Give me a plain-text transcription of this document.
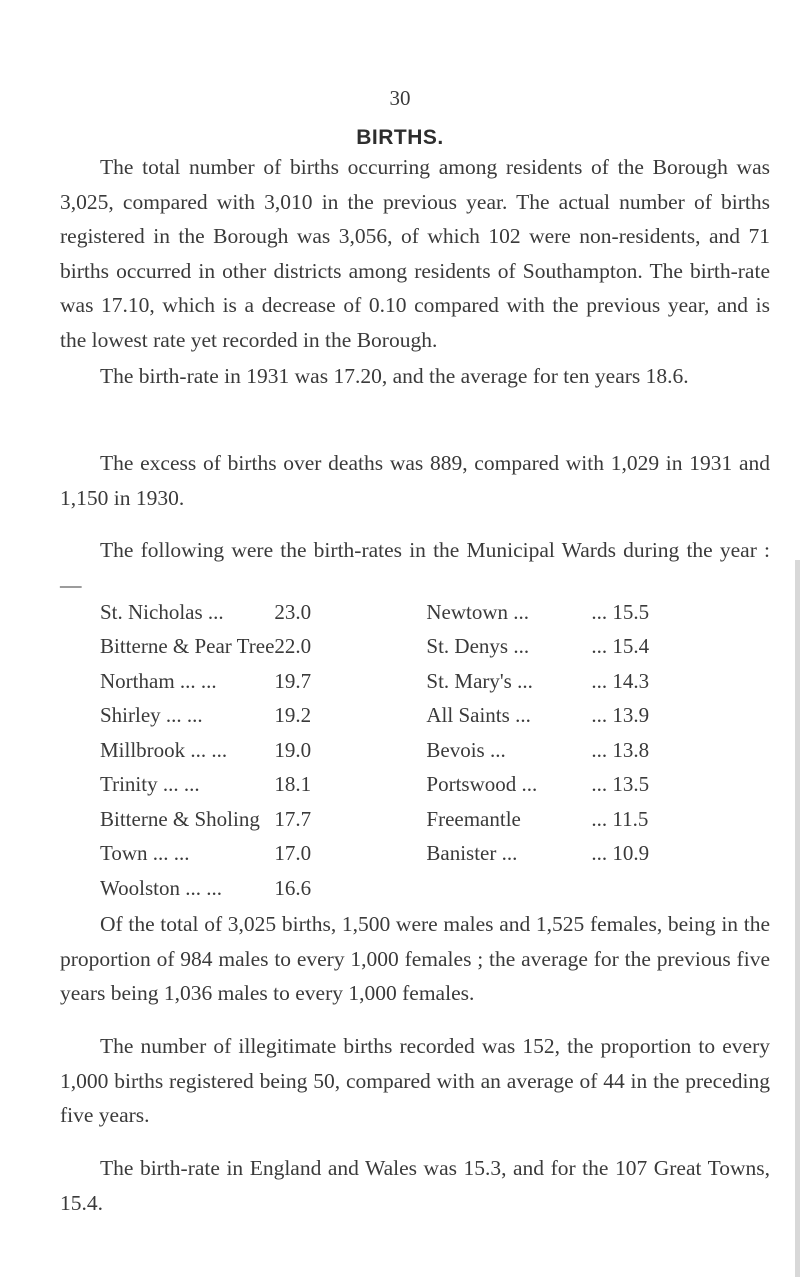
30
BIRTHS.

The total number of births occurring among residents of the Borough was 3,025, compared with 3,010 in the previous year. The actual number of births registered in the Borough was 3,056, of which 102 were non-residents, and 71 births occurred in other districts among residents of Southampton. The birth-rate was 17.10, which is a decrease of 0.10 compared with the previous year, and is the lowest rate yet recorded in the Borough.

The birth-rate in 1931 was 17.20, and the average for ten years 18.6.

The excess of births over deaths was 889, compared with 1,029 in 1931 and 1,150 in 1930.

The following were the birth-rates in the Municipal Wards during the year :—

St. Nicholas ...	23.0	Newtown ...	... 15.5
Bitterne & Pear Tree	22.0	St. Denys ...	... 15.4
Northam ... ...	19.7	St. Mary's ...	... 14.3
Shirley ... ...	19.2	All Saints ...	... 13.9
Millbrook ... ...	19.0	Bevois ...	... 13.8
Trinity ... ...	18.1	Portswood ...	... 13.5
Bitterne & Sholing	17.7	Freemantle	... 11.5
Town ... ...	17.0	Banister ...	... 10.9
Woolston ... ...	16.6		

Of the total of 3,025 births, 1,500 were males and 1,525 females, being in the proportion of 984 males to every 1,000 females ; the average for the previous five years being 1,036 males to every 1,000 females.

The number of illegitimate births recorded was 152, the proportion to every 1,000 births registered being 50, compared with an average of 44 in the preceding five years.

The birth-rate in England and Wales was 15.3, and for the 107 Great Towns, 15.4.
